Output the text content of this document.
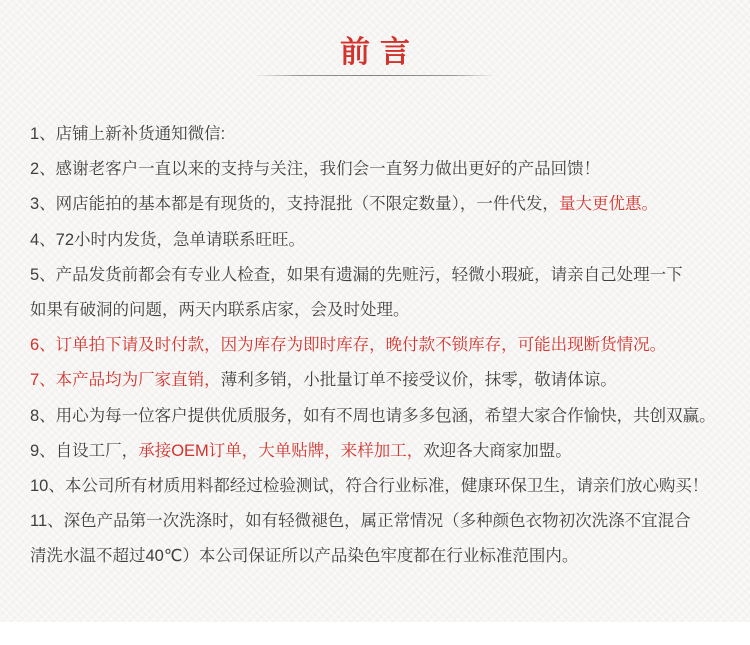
前言
1、店铺上新补货通知微信:
2、感谢老客户一直以来的支持与关注，我们会一直努力做出更好的产品回馈！
3、网店能拍的基本都是有现货的，支持混批（不限定数量），一件代发，量大更优惠。
4、72小时内发货，急单请联系旺旺。
5、产品发货前都会有专业人检查，如果有遗漏的先赃污，轻微小瑕疵，请亲自己处理一下
如果有破洞的问题，两天内联系店家，会及时处理。
6、订单拍下请及时付款，因为库存为即时库存，晚付款不锁库存，可能出现断货情况。
7、本产品均为厂家直销，薄利多销，小批量订单不接受议价，抹零，敬请体谅。
8、用心为每一位客户提供优质服务，如有不周也请多多包涵，希望大家合作愉快，共创双赢。
9、自设工厂，承接OEM订单，大单贴牌，来样加工，欢迎各大商家加盟。
10、本公司所有材质用料都经过检验测试，符合行业标准，健康环保卫生，请亲们放心购买！
11、深色产品第一次洗涤时，如有轻微褪色，属正常情况（多种颜色衣物初次洗涤不宜混合
清洗水温不超过40℃）本公司保证所以产品染色牢度都在行业标准范围内。
